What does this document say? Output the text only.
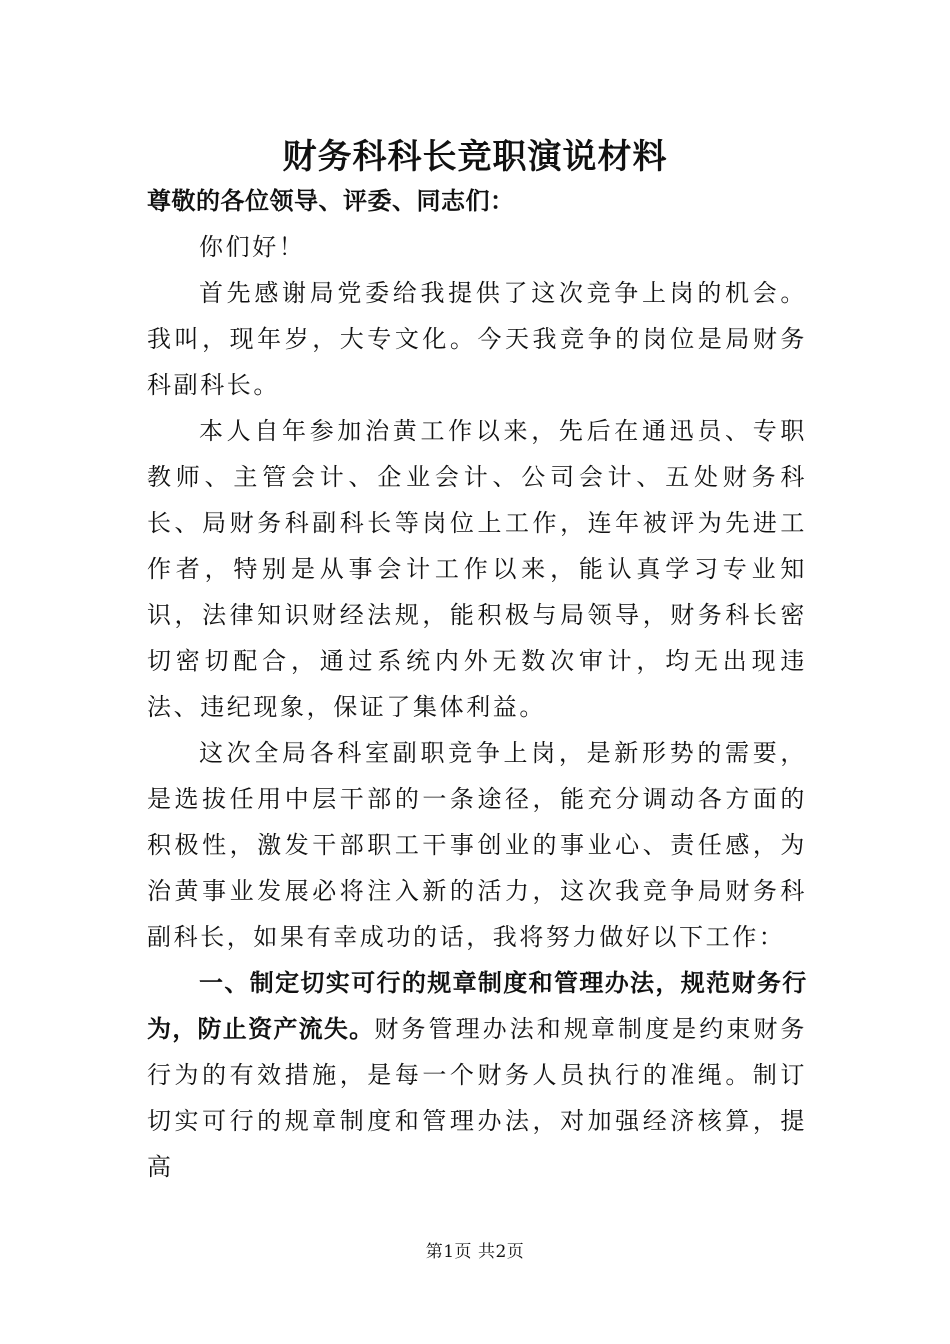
财务科科长竞职演说材料

尊敬的各位领导、评委、同志们：

你们好！

首先感谢局党委给我提供了这次竞争上岗的机会。我叫，现年岁，大专文化。今天我竞争的岗位是局财务科副科长。

本人自年参加治黄工作以来，先后在通迅员、专职教师、主管会计、企业会计、公司会计、五处财务科长、局财务科副科长等岗位上工作，连年被评为先进工作者，特别是从事会计工作以来，能认真学习专业知识，法律知识财经法规，能积极与局领导，财务科长密切密切配合，通过系统内外无数次审计，均无出现违法、违纪现象，保证了集体利益。

这次全局各科室副职竞争上岗，是新形势的需要，是选拔任用中层干部的一条途径，能充分调动各方面的积极性，激发干部职工干事创业的事业心、责任感，为治黄事业发展必将注入新的活力，这次我竞争局财务科副科长，如果有幸成功的话，我将努力做好以下工作：

一、制定切实可行的规章制度和管理办法，规范财务行为，防止资产流失。财务管理办法和规章制度是约束财务行为的有效措施，是每一个财务人员执行的准绳。制订切实可行的规章制度和管理办法，对加强经济核算，提高

第1页 共2页
